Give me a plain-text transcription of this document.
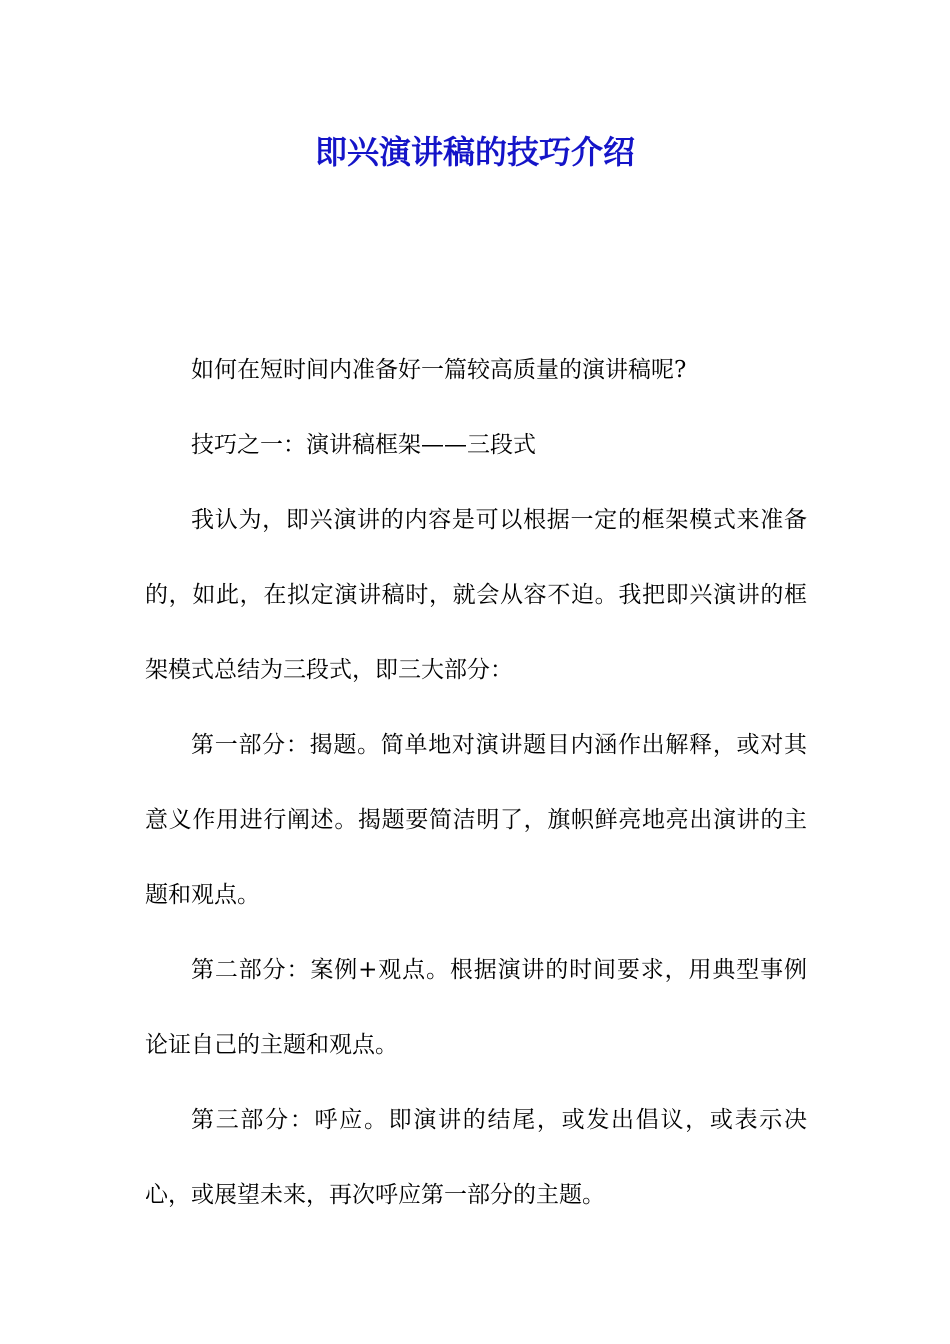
即兴演讲稿的技巧介绍

如何在短时间内准备好一篇较高质量的演讲稿呢?

技巧之一：演讲稿框架——三段式

我认为，即兴演讲的内容是可以根据一定的框架模式来准备的，如此，在拟定演讲稿时，就会从容不迫。我把即兴演讲的框架模式总结为三段式，即三大部分：

第一部分：揭题。简单地对演讲题目内涵作出解释，或对其意义作用进行阐述。揭题要简洁明了，旗帜鲜亮地亮出演讲的主题和观点。

第二部分：案例+观点。根据演讲的时间要求，用典型事例论证自己的主题和观点。

第三部分：呼应。即演讲的结尾，或发出倡议，或表示决心，或展望未来，再次呼应第一部分的主题。
